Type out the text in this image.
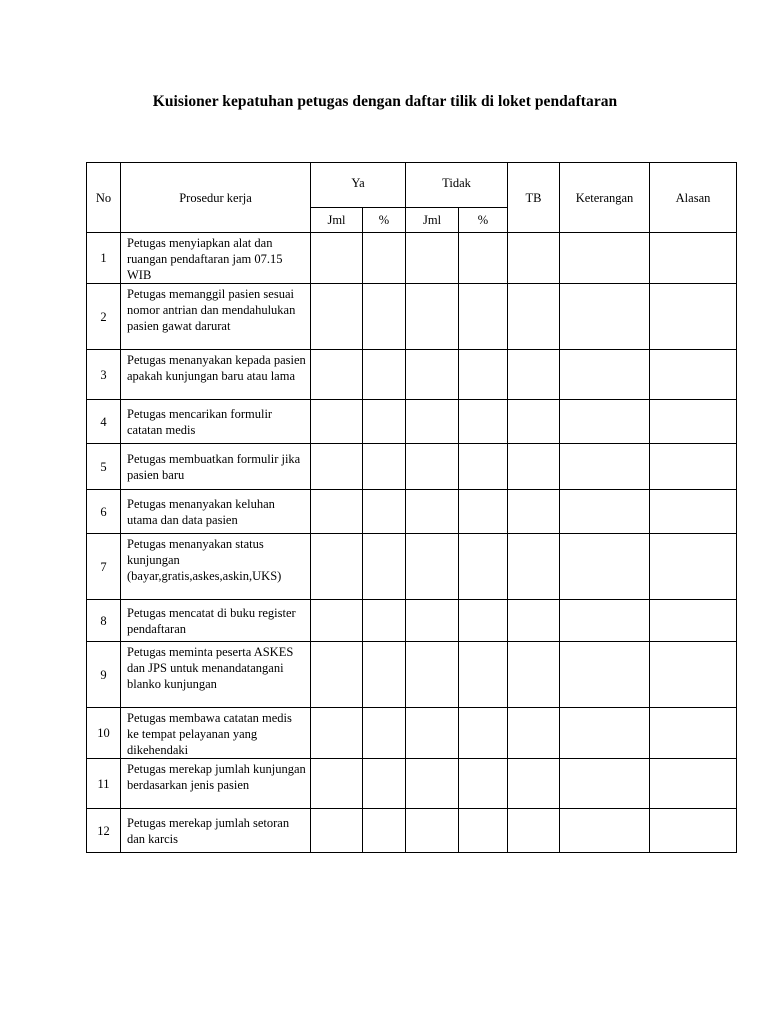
Kuisioner kepatuhan petugas dengan daftar tilik di loket pendaftaran
No	Prosedur kerja	Ya		Tidak		TB	Keterangan	Alasan
		Jml	%	Jml	%			
1	Petugas menyiapkan alat dan ruangan pendaftaran jam 07.15 WIB							
2	Petugas memanggil pasien sesuai nomor antrian dan mendahulukan pasien gawat darurat							
3	Petugas menanyakan kepada pasien apakah kunjungan baru atau lama							
4	Petugas mencarikan formulir catatan medis							
5	Petugas membuatkan formulir jika pasien baru							
6	Petugas menanyakan keluhan utama dan data pasien							
7	Petugas menanyakan status kunjungan (bayar,gratis,askes,askin,UKS)							
8	Petugas mencatat di buku register pendaftaran							
9	Petugas meminta peserta ASKES dan JPS untuk menandatangani blanko kunjungan							
10	Petugas membawa catatan medis ke tempat pelayanan yang dikehendaki							
11	Petugas merekap jumlah kunjungan berdasarkan jenis pasien							
12	Petugas merekap jumlah setoran dan karcis							
